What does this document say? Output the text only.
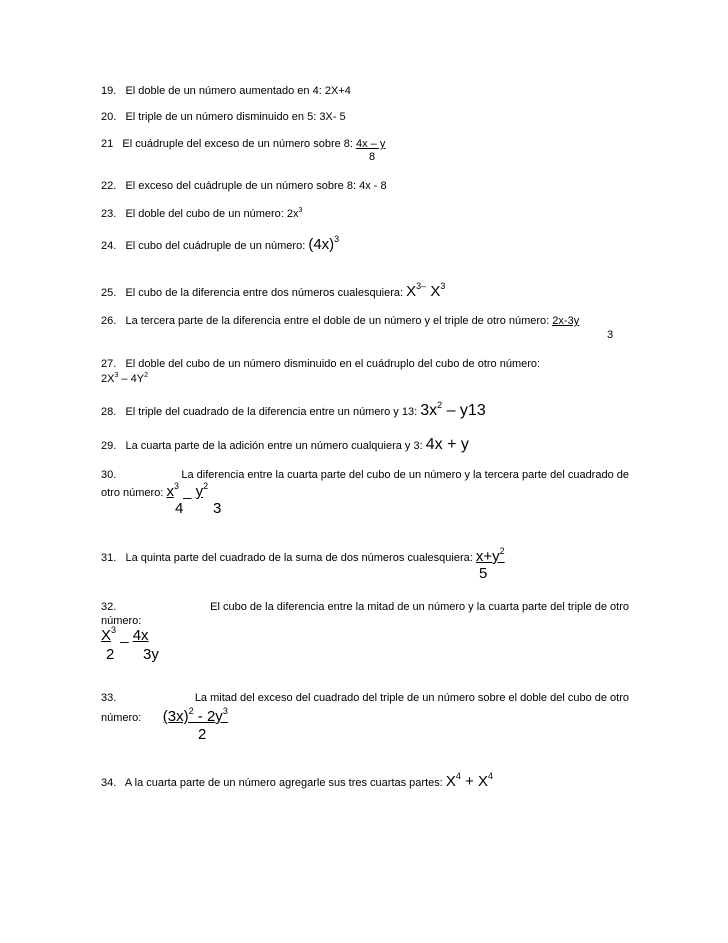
19. El doble de un número aumentado en 4: 2X+4
20. El triple de un número disminuido en 5: 3X- 5
21 El cuádruple del exceso de un número sobre 8: 4x – y
8
22. El exceso del cuádruple de un número sobre 8: 4x - 8
23. El doble del cubo de un número: $2x^3$
24. El cubo del cuádruple de un número: $(4x)^3$
25. El cubo de la diferencia entre dos números cualesquiera: $X^{3-}$ $X^3$
26. La tercera parte de la diferencia entre el doble de un número y el triple de otro número: 2x-3y
3
27. El doble del cubo de un número disminuido en el cuádruplo del cubo de otro número:
$2X^3 - 4Y^2$
28. El triple del cuadrado de la diferencia entre un número y 13: $3x^2 - y13$
29. La cuarta parte de la adición entre un número cualquiera y 3: 4x + y
30.	La diferencia entre la cuarta parte del cubo de un número y la tercera parte del cuadrado de
otro número: $x^3$ _ $y^2$
4 3
31. La quinta parte del cuadrado de la suma de dos números cualesquiera: $x+y^2$
5
32.	El cubo de la diferencia entre la mitad de un número y la cuarta parte del triple de otro
número:
$X^3$ _ 4x
2 3y
33.	La mitad del exceso del cuadrado del triple de un número sobre el doble del cubo de otro
número: $(3x)^2 - 2y^3$
2
34. A la cuarta parte de un número agregarle sus tres cuartas partes: $X^4 + X^4$
